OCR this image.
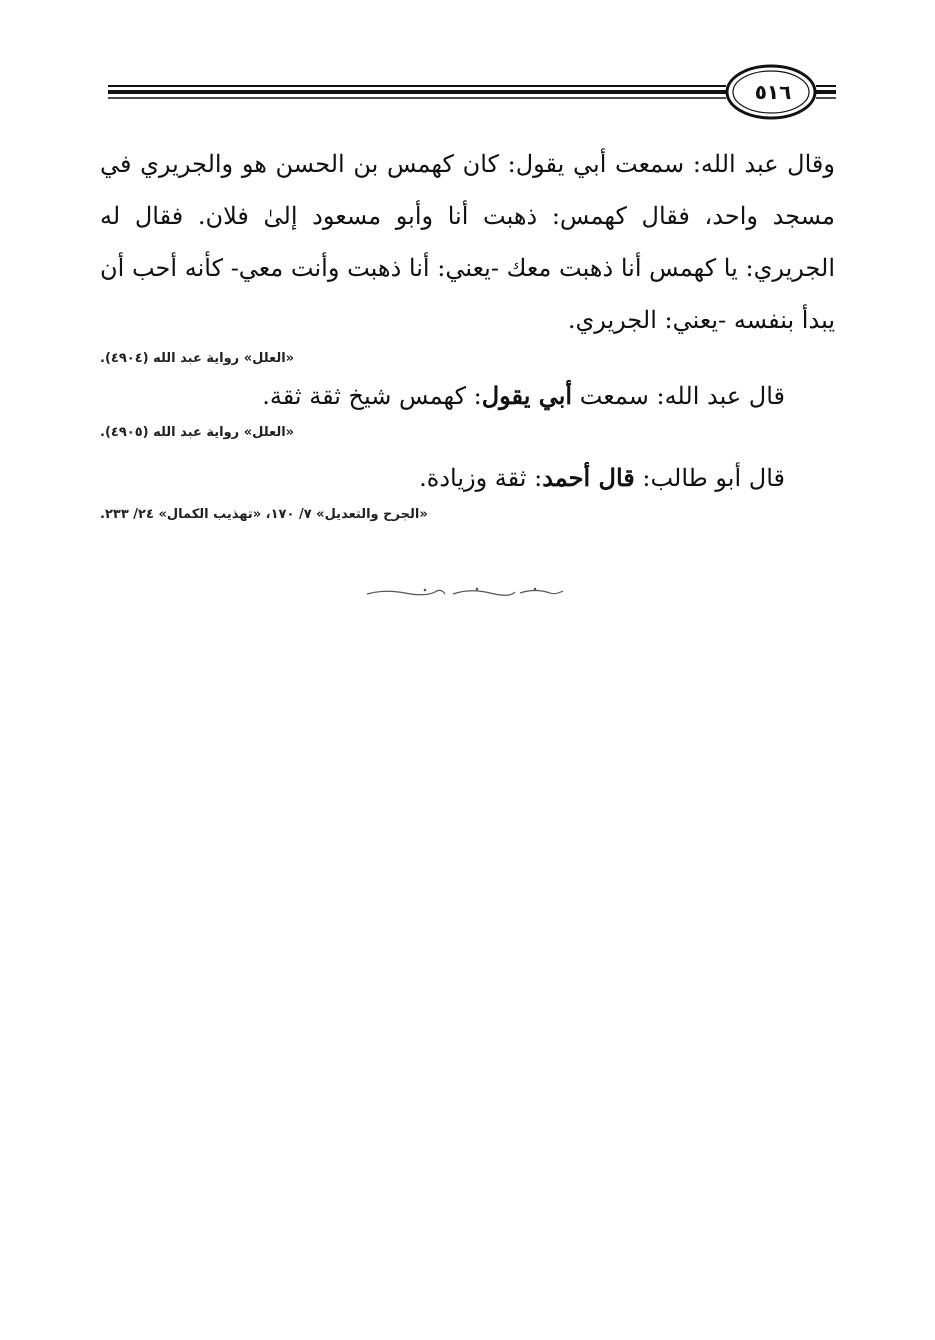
٥١٦

وقال عبد الله: سمعت أبي يقول: كان كهمس بن الحسن هو والجريري في مسجد واحد، فقال كهمس: ذهبت أنا وأبو مسعود إلىٰ فلان. فقال له الجريري: يا كهمس أنا ذهبت معك -يعني: أنا ذهبت وأنت معي- كأنه أحب أن يبدأ بنفسه -يعني: الجريري.

«العلل» رواية عبد الله (٤٩٠٤).

قال عبد الله: سمعت أبي يقول: كهمس شيخ ثقة ثقة.

«العلل» رواية عبد الله (٤٩٠٥).

قال أبو طالب: قال أحمد: ثقة وزيادة.

«الجرح والتعديل» ٧/ ١٧٠، «تهذيب الكمال» ٢٤/ ٢٣٣.
